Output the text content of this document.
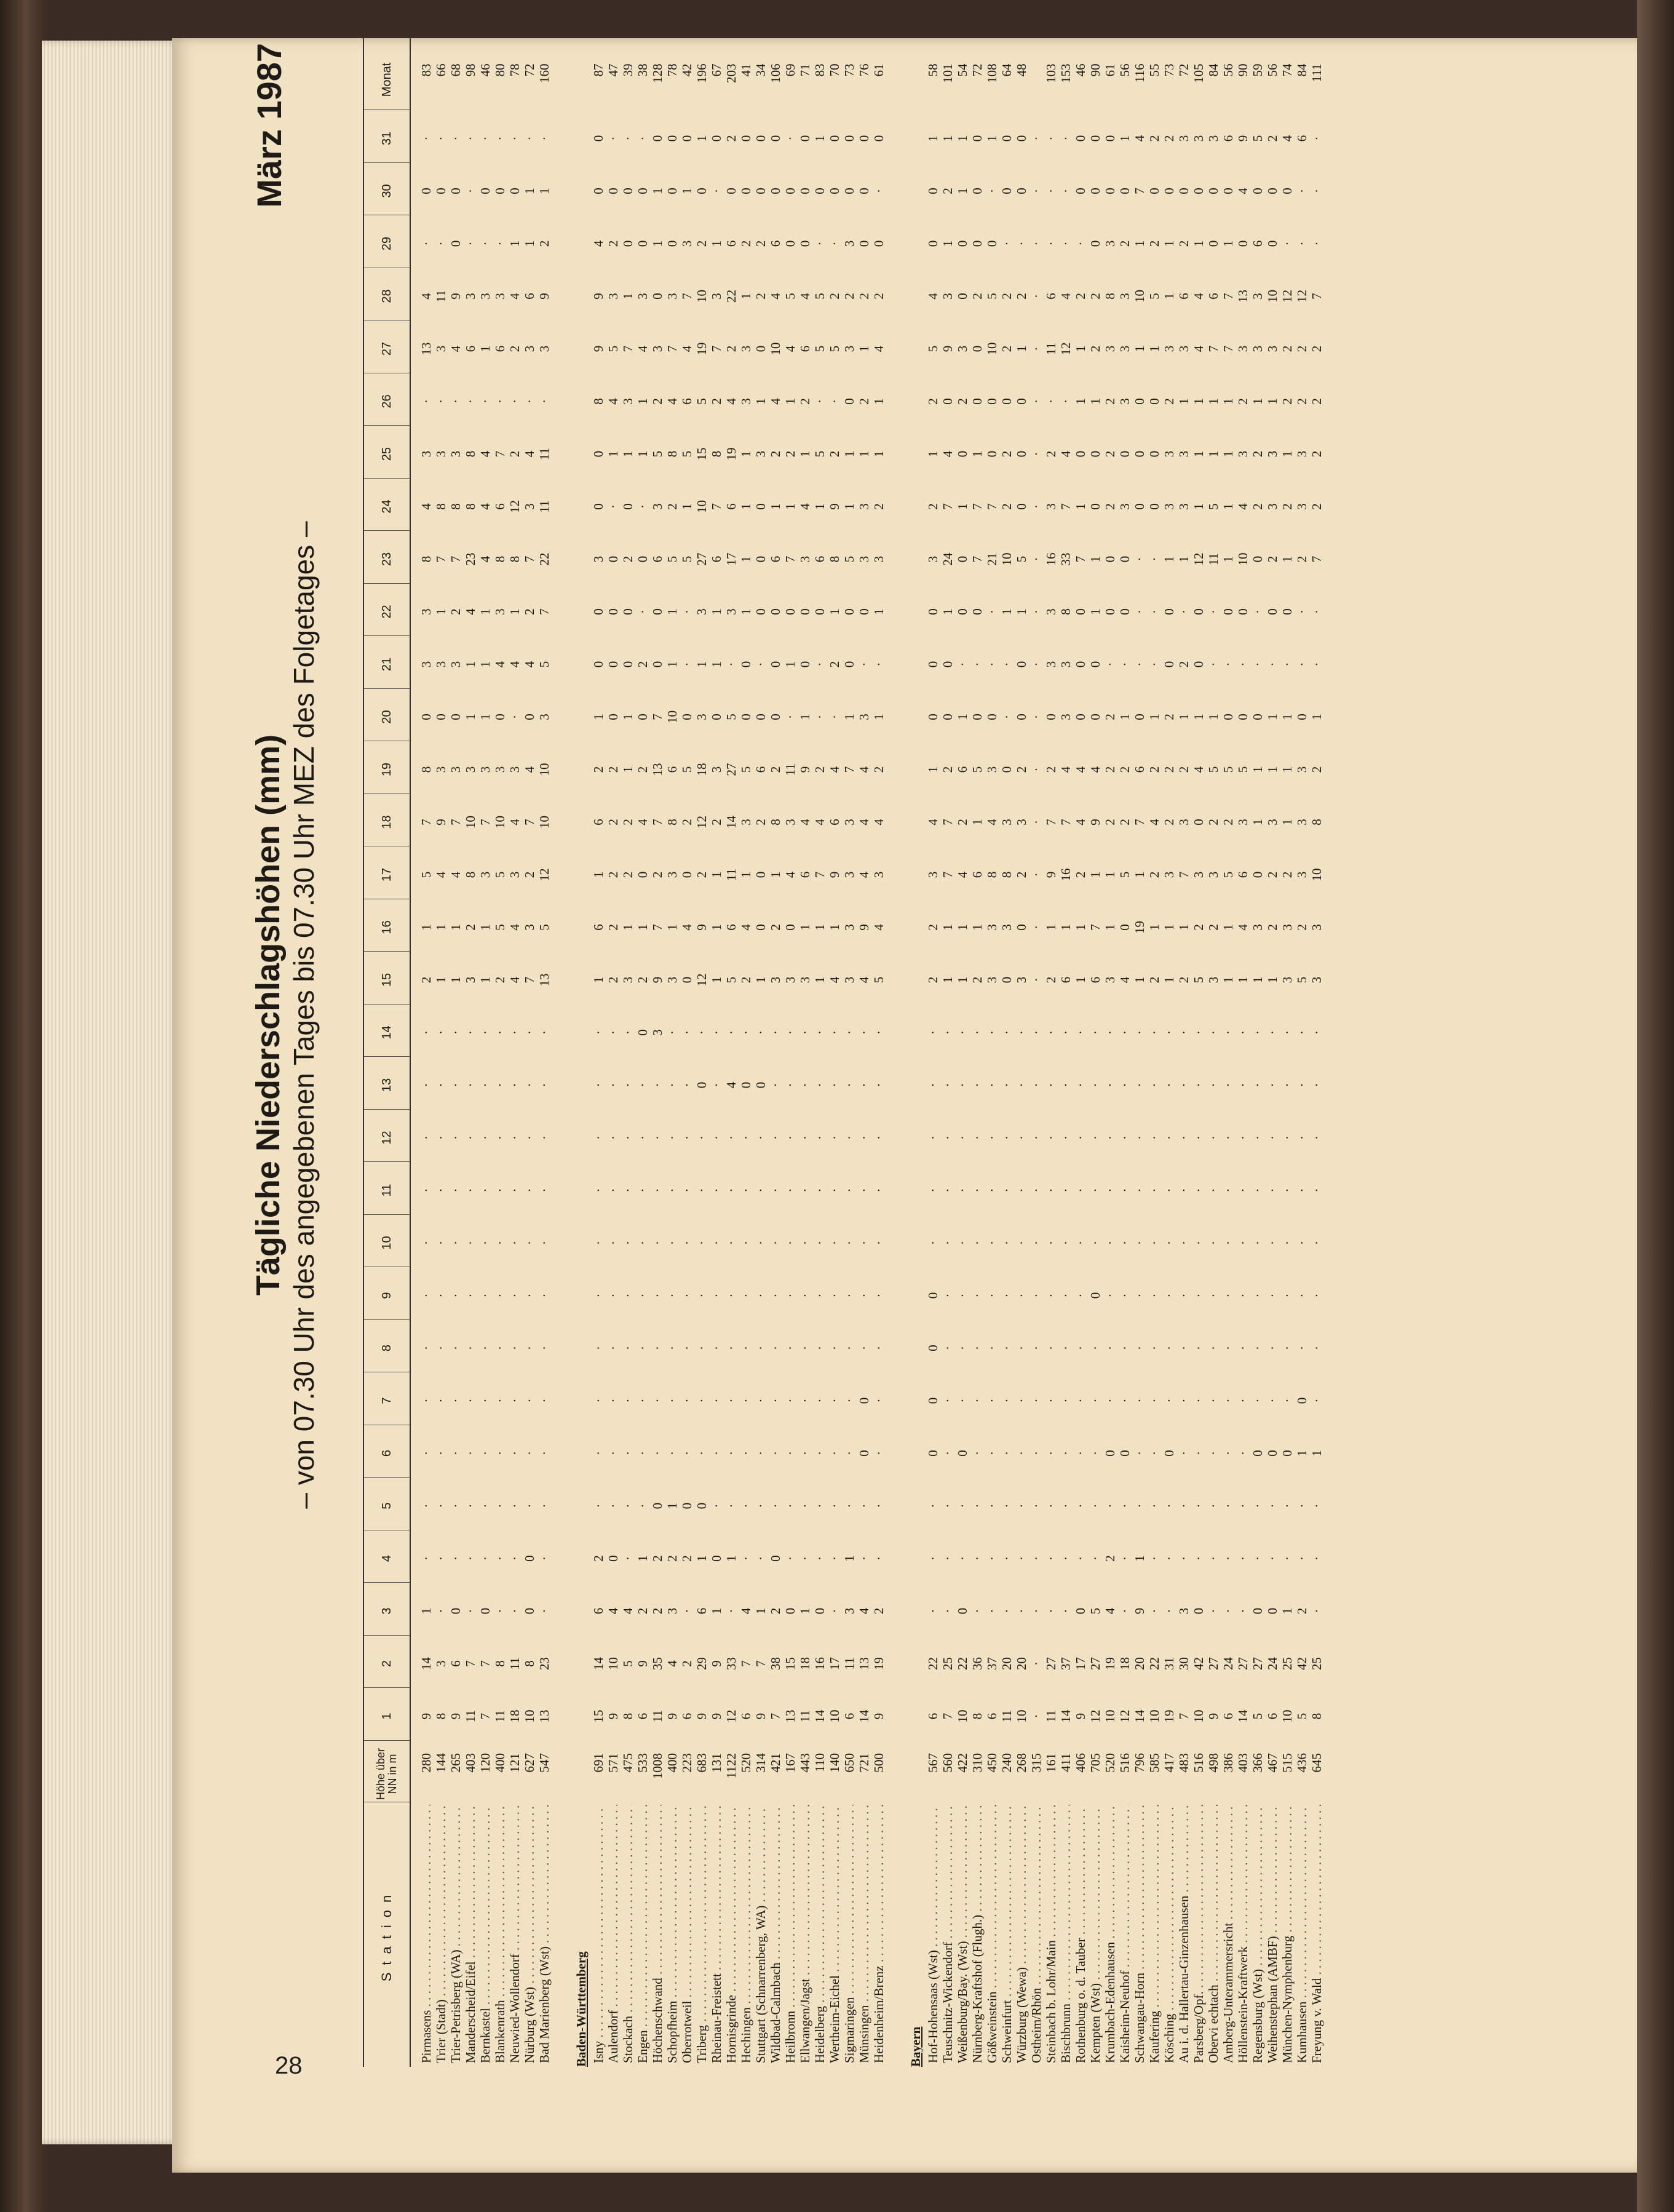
28
Tägliche Niederschlagshöhen (mm) – von 07.30 Uhr des angegebenen Tages bis 07.30 Uhr MEZ des Folgetages –
März 1987
Station
Höhe über NN in m
1
2
3
4
5
6
7
8
9
10
11
12
13
14
15
16
17
18
19
20
21
22
23
24
25
26
27
28
29
30
31
Monat
Pirmasens . . .
280
9
14
1
·
·
·
·
·
·
·
·
·
·
·
2
1
5
7
8
0
3
3
8
4
3
·
13
4
·
0
·
83
Trier (Stadt) . . .
144
8
3
·
·
·
·
·
·
·
·
·
·
·
·
1
1
4
9
3
0
3
1
7
8
3
·
3
11
·
0
·
66
Trier-Petrisberg (WA) . . .
265
9
6
0
·
·
·
·
·
·
·
·
·
·
·
1
1
4
7
3
0
3
2
7
8
3
·
4
9
0
0
·
68
Manderscheid/Eifel . . .
403
11
7
·
·
·
·
·
·
·
·
·
·
·
·
3
2
8
10
3
1
1
4
23
8
8
·
6
3
·
·
·
98
Bernkastel . . .
120
7
7
0
·
·
·
·
·
·
·
·
·
·
·
1
1
3
7
3
1
1
1
4
4
4
·
1
3
·
0
·
46
Blankenrath . . .
400
11
8
·
·
·
·
·
·
·
·
·
·
·
·
2
5
5
10
3
0
4
3
8
6
7
·
6
3
·
0
·
80
Neuwied-Wollendorf . . .
121
18
11
·
·
·
·
·
·
·
·
·
·
·
·
4
4
3
4
3
·
4
1
8
12
2
·
2
4
1
0
·
78
Nürburg (Wst) . . .
627
10
8
0
0
·
·
·
·
·
·
·
·
·
·
7
3
2
7
4
0
4
2
7
3
4
·
3
6
1
1
·
72
Bad Marienberg (Wst) . . .
547
13
23
·
·
·
·
·
·
·
·
·
·
·
·
13
5
12
10
10
3
5
7
22
11
11
·
3
9
2
1
·
160
Baden-Württemberg Isny . . .
691
15
14
6
2
·
·
·
·
·
·
·
·
·
·
1
6
1
6
2
1
0
0
3
0
0
8
9
9
4
0
0
87
Aulendorf . . .
571
9
10
4
0
·
·
·
·
·
·
·
·
·
·
2
2
2
2
2
0
0
0
0
·
1
4
5
3
2
0
·
47
Stockach . . .
475
8
5
4
·
·
·
·
·
·
·
·
·
·
·
3
1
2
2
1
1
0
0
2
0
1
3
7
1
0
0
·
39
Engen . . .
533
6
9
2
1
·
·
·
·
·
·
·
·
·
0
2
1
0
4
2
0
2
·
0
·
1
1
4
3
0
0
·
38
Höchenschwand . . .
1008
11
35
2
2
0
·
·
·
·
·
·
·
·
3
9
7
2
7
13
7
0
0
6
3
5
2
3
0
1
1
0
128
Schopfheim . . .
400
9
4
3
2
1
·
·
·
·
·
·
·
·
·
3
1
3
8
6
10
1
1
5
2
8
4
7
3
0
0
0
78
Oberrotweil . . .
223
6
2
·
2
0
·
·
·
·
·
·
·
·
·
0
4
0
2
5
0
·
·
5
1
5
6
4
7
3
1
0
42
Triberg . . .
683
9
29
6
1
0
·
·
·
·
·
·
·
0
·
12
9
2
12
18
3
1
3
27
10
15
5
19
10
2
0
1
196
Rheinau-Freistett . . .
131
9
9
1
0
·
·
·
·
·
·
·
·
·
·
1
1
1
2
3
0
1
1
6
7
8
2
7
3
1
·
0
67
Hornisgrinde . . .
1122
12
33
·
1
·
·
·
·
·
·
·
·
4
·
5
6
11
14
27
5
·
3
17
6
19
4
2
22
6
0
2
203
Hechingen . . .
520
6
7
4
·
·
·
·
·
·
·
·
·
0
·
2
4
1
3
5
0
0
1
1
1
1
3
3
1
2
0
0
41
Stuttgart (Schnarrenberg, WA) . . .
314
9
7
1
·
·
·
·
·
·
·
·
·
0
·
1
0
0
2
6
0
·
0
0
0
3
1
0
2
2
0
0
34
Wildbad-Calmbach . . .
421
7
38
2
0
·
·
·
·
·
·
·
·
·
·
3
2
1
8
2
0
0
0
6
1
2
4
10
4
6
0
0
106
Heilbronn . . .
167
13
15
0
·
·
·
·
·
·
·
·
·
·
·
3
0
4
3
11
·
1
0
7
1
2
1
4
5
0
0
·
69
Ellwangen/Jagst . . .
443
11
18
1
·
·
·
·
·
·
·
·
·
·
·
3
1
6
4
9
1
0
0
3
4
1
2
6
4
0
0
0
71
Heidelberg . . .
110
14
16
0
·
·
·
·
·
·
·
·
·
·
·
1
1
7
4
2
·
·
0
6
1
5
·
5
5
·
0
1
83
Wertheim-Eichel . . .
140
10
17
·
·
·
·
·
·
·
·
·
·
·
·
4
1
9
6
4
·
2
1
8
9
2
·
5
2
·
0
0
70
Sigmaringen . . .
650
6
11
3
1
·
·
·
·
·
·
·
·
·
·
3
3
3
3
7
1
0
0
5
1
1
0
3
2
3
0
0
73
Münsingen . . .
721
14
13
4
·
·
0
0
·
·
·
·
·
·
·
4
9
4
4
4
3
·
0
3
3
1
2
1
2
0
0
0
76
Heidenheim/Brenz . . .
500
9
19
2
·
·
·
·
·
·
·
·
·
·
·
5
4
3
4
2
1
·
1
3
2
1
1
4
2
0
·
0
61
Bayern Hof-Hohensaas (Wst) . . .
567
6
22
·
·
·
0
0
0
0
·
·
·
·
·
2
2
3
4
1
0
0
0
3
2
1
2
5
4
0
0
1
58
Teuschnitz-Wickendorf . . .
560
7
25
·
·
·
·
·
·
·
·
·
·
·
·
1
1
7
7
2
0
0
1
24
7
4
0
9
3
1
2
1
101
Weißenburg/Bay. (Wst) . . .
422
10
22
0
·
·
0
·
·
·
·
·
·
·
·
1
1
4
2
6
1
·
0
0
1
0
2
3
0
0
1
1
54
Nürnberg-Kraftshof (Flugh.) . . .
310
8
36
·
·
·
·
·
·
·
·
·
·
·
·
2
1
6
1
5
0
·
0
7
7
1
0
0
2
0
0
0
72
Gößweinstein . . .
450
6
37
·
·
·
·
·
·
·
·
·
·
·
·
3
3
8
4
3
0
·
·
21
7
0
0
10
5
0
·
1
108
Schweinfurt . . .
240
11
20
·
·
·
·
·
·
·
·
·
·
·
·
0
3
8
3
0
·
·
1
10
2
2
0
2
2
·
0
0
64
Würzburg (Wewa) . . .
268
10
20
·
·
·
·
·
·
·
·
·
·
·
·
3
0
2
3
2
0
0
1
5
0
0
0
1
2
·
0
0
48
Ostheim/Rhön . . .
315
·
·
·
·
·
·
·
·
·
·
·
·
·
·
·
·
·
·
·
·
·
·
·
·
·
·
·
·
·
·
·
Steinbach b. Lohr/Main . . .
161
11
27
·
·
·
·
·
·
·
·
·
·
·
·
2
1
9
7
2
0
3
3
16
3
2
·
11
6
·
·
·
103
Bischbrunn . . .
411
14
37
·
·
·
·
·
·
·
·
·
·
·
·
6
1
16
7
4
3
3
8
33
7
4
·
12
4
·
·
·
153
Rothenburg o. d. Tauber . . .
406
9
17
0
·
·
·
·
·
·
·
·
·
·
·
1
1
2
4
4
0
0
0
7
1
0
1
1
2
·
0
0
46
Kempten (Wst) . . .
705
12
27
5
·
·
·
·
·
0
·
·
·
·
·
6
7
1
9
4
0
0
1
1
0
0
1
2
2
0
0
0
90
Krumbach-Edenhausen . . .
520
10
19
4
2
·
0
·
·
·
·
·
·
·
·
3
1
1
2
2
2
·
0
0
2
2
2
3
8
3
0
0
61
Kaisheim-Neuhof . . .
516
12
18
·
·
·
0
·
·
·
·
·
·
·
·
4
0
5
2
2
1
·
0
0
3
0
3
3
3
2
0
1
56
Schwangau-Horn . . .
796
14
20
9
1
·
·
·
·
·
·
·
·
·
·
1
19
1
7
6
0
·
·
·
0
0
0
1
10
1
7
4
116
Kaufering . . .
585
10
22
·
·
·
·
·
·
·
·
·
·
·
·
2
1
2
4
2
1
·
·
·
0
0
0
1
5
2
0
2
55
Kösching . . .
417
19
31
·
·
·
0
·
·
·
·
·
·
·
·
1
1
3
2
2
2
0
0
1
3
3
2
3
1
1
0
2
73
Au i. d. Hallertau-Ginzenhausen . . .
483
7
30
3
·
·
·
·
·
·
·
·
·
·
·
2
1
7
3
2
1
2
·
1
3
3
1
3
6
2
0
3
72
Parsberg/Opf. . . .
516
10
42
0
·
·
·
·
·
·
·
·
·
·
·
5
2
3
0
4
1
0
0
12
1
1
1
4
4
1
0
3
105
Obervi echtach . . .
498
9
27
·
·
·
·
·
·
·
·
·
·
·
·
3
2
3
2
5
1
·
·
11
5
1
1
7
6
0
0
3
84
Amberg-Unterammersricht . . .
386
6
24
·
·
·
·
·
·
·
·
·
·
·
·
1
1
5
2
5
0
·
0
1
1
1
1
7
7
1
0
6
56
Höllenstein-Kraftwerk . . .
403
14
27
·
·
·
·
·
·
·
·
·
·
·
·
1
4
6
3
5
0
·
0
10
4
3
2
3
13
0
4
9
90
Regensburg (Wst) . . .
366
5
27
0
·
·
0
·
·
·
·
·
·
·
·
1
3
0
1
1
0
·
·
0
2
2
1
3
3
6
0
5
59
Weihenstephan (AMBF) . . .
467
6
24
0
·
·
0
·
·
·
·
·
·
·
·
1
2
2
3
1
1
·
0
2
3
3
1
3
10
0
0
2
56
München-Nymphenburg . . .
515
10
25
1
·
·
0
·
·
·
·
·
·
·
·
3
3
2
1
1
1
·
0
1
2
1
2
2
12
·
0
4
74
Kumhausen . . .
436
5
42
2
·
·
1
0
·
·
·
·
·
·
·
5
2
3
3
3
0
·
·
2
3
3
2
2
12
·
·
6
84
Freyung v. Wald . . .
645
8
25
·
·
·
1
·
·
·
·
·
·
·
·
3
3
10
8
2
1
·
·
7
2
2
2
2
7
·
·
·
111
